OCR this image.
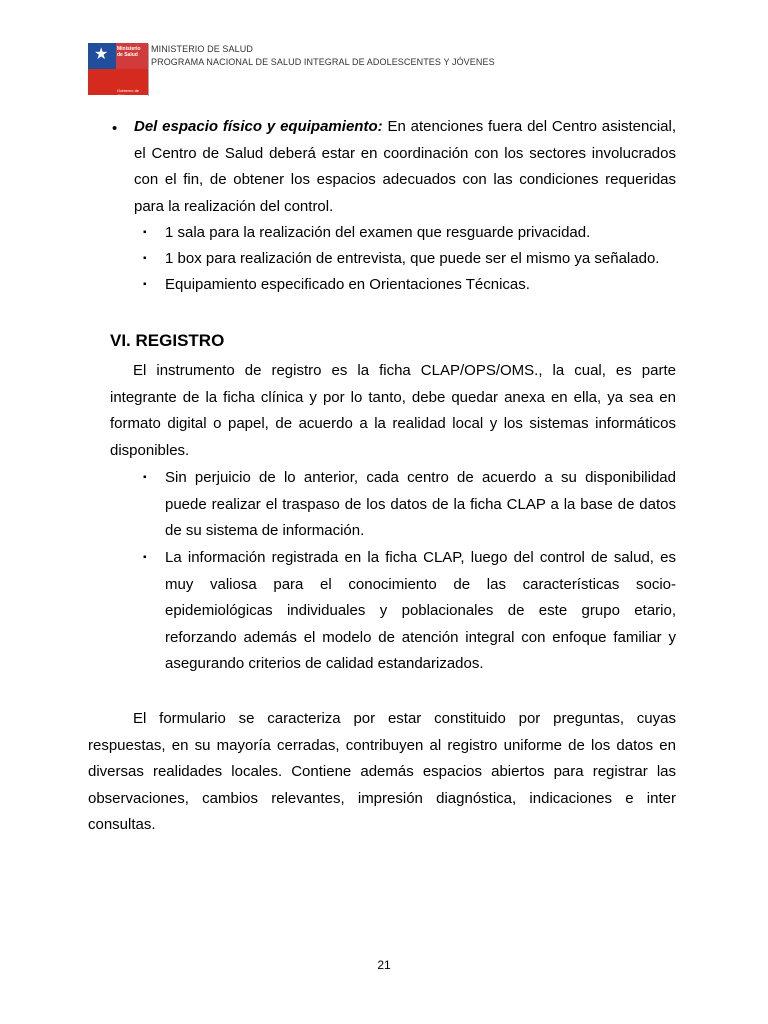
★ Ministerio de Salud
Gobierno de Chile
MINISTERIO DE SALUD
PROGRAMA NACIONAL DE SALUD INTEGRAL DE ADOLESCENTES Y JÓVENES
• Del espacio físico y equipamiento: En atenciones fuera del Centro asistencial,
el Centro de Salud deberá estar en coordinación con los sectores involucrados
con el fin, de obtener los espacios adecuados con las condiciones requeridas
para la realización del control.
▪ 1 sala para la realización del examen que resguarde privacidad.
▪ 1 box para realización de entrevista, que puede ser el mismo ya señalado.
▪ Equipamiento especificado en Orientaciones Técnicas.
VI. REGISTRO
El instrumento de registro es la ficha CLAP/OPS/OMS., la cual, es parte
integrante de la ficha clínica y por lo tanto, debe quedar anexa en ella, ya sea en
formato digital o papel, de acuerdo a la realidad local y los sistemas informáticos
disponibles.
▪ Sin perjuicio de lo anterior, cada centro de acuerdo a su disponibilidad
puede realizar el traspaso de los datos de la ficha CLAP a la base de datos
de su sistema de información.
▪ La información registrada en la ficha CLAP, luego del control de salud, es
muy valiosa para el conocimiento de las características socio-
epidemiológicas individuales y poblacionales de este grupo etario,
reforzando además el modelo de atención integral con enfoque familiar y
asegurando criterios de calidad estandarizados.
El formulario se caracteriza por estar constituido por preguntas, cuyas
respuestas, en su mayoría cerradas, contribuyen al registro uniforme de los datos en
diversas realidades locales. Contiene además espacios abiertos para registrar las
observaciones, cambios relevantes, impresión diagnóstica, indicaciones e inter
consultas.
21
